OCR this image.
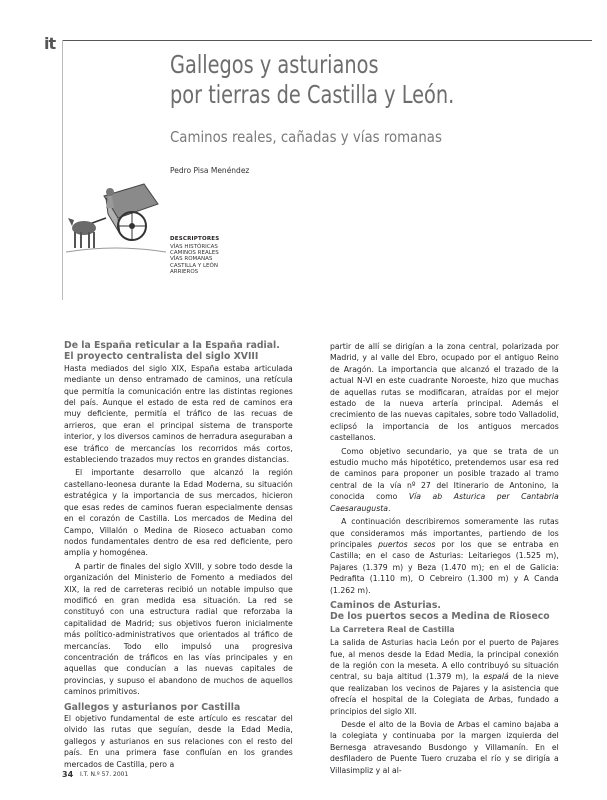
it
Gallegos y asturianos
por tierras de Castilla y León.
Caminos reales, cañadas y vías romanas
Pedro Pisa Menéndez
DESCRIPTORES
VÍAS HISTÓRICAS
CAMINOS REALES
VÍAS ROMANAS
CASTILLA Y LEÓN
ARRIEROS
De la España reticular a la España radial.
El proyecto centralista del siglo XVIII

Hasta mediados del siglo XIX, España estaba articulada mediante un denso entramado de caminos, una retícula que permitía la comunicación entre las distintas regiones del país. Aunque el estado de esta red de caminos era muy deficiente, permitía el tráfico de las recuas de arrieros, que eran el principal sistema de transporte interior, y los diversos caminos de herradura aseguraban a ese tráfico de mercancías los recorridos más cortos, estableciendo trazados muy rectos en grandes distancias.

El importante desarrollo que alcanzó la región castellano-leonesa durante la Edad Moderna, su situación estratégica y la importancia de sus mercados, hicieron que esas redes de caminos fueran especialmente densas en el corazón de Castilla. Los mercados de Medina del Campo, Villalón o Medina de Rioseco actuaban como nodos fundamentales dentro de esa red deficiente, pero amplia y homogénea.

A partir de finales del siglo XVIII, y sobre todo desde la organización del Ministerio de Fomento a mediados del XIX, la red de carreteras recibió un notable impulso que modificó en gran medida esa situación. La red se constituyó con una estructura radial que reforzaba la capitalidad de Madrid; sus objetivos fueron inicialmente más político-administrativos que orientados al tráfico de mercancías. Todo ello impulsó una progresiva concentración de tráficos en las vías principales y en aquellas que conducían a las nuevas capitales de provincias, y supuso el abandono de muchos de aquellos caminos primitivos.

Gallegos y asturianos por Castilla

El objetivo fundamental de este artículo es rescatar del olvido las rutas que seguían, desde la Edad Media, gallegos y asturianos en sus relaciones con el resto del país. En una primera fase confluían en los grandes mercados de Castilla, pero a

partir de allí se dirigían a la zona central, polarizada por Madrid, y al valle del Ebro, ocupado por el antiguo Reino de Aragón. La importancia que alcanzó el trazado de la actual N-VI en este cuadrante Noroeste, hizo que muchas de aquellas rutas se modificaran, atraídas por el mejor estado de la nueva artería principal. Además el crecimiento de las nuevas capitales, sobre todo Valladolid, eclipsó la importancia de los antiguos mercados castellanos.

Como objetivo secundario, ya que se trata de un estudio mucho más hipotético, pretendemos usar esa red de caminos para proponer un posible trazado al tramo central de la vía nº 27 del Itinerario de Antonino, la conocida como Vía ab Asturica per Cantabria Caesaraugusta.

A continuación describiremos someramente las rutas que consideramos más importantes, partiendo de los principales puertos secos por los que se entraba en Castilla; en el caso de Asturias: Leitariegos (1.525 m), Pajares (1.379 m) y Beza (1.470 m); en el de Galicia: Pedrafita (1.110 m), O Cebreiro (1.300 m) y A Canda (1.262 m).

Caminos de Asturias.
De los puertos secos a Medina de Rioseco
La Carretera Real de Castilla

La salida de Asturias hacia León por el puerto de Pajares fue, al menos desde la Edad Media, la principal conexión de la región con la meseta. A ello contribuyó su situación central, su baja altitud (1.379 m), la espalá de la nieve que realizaban los vecinos de Pajares y la asistencia que ofrecía el hospital de la Colegiata de Arbas, fundado a principios del siglo XII.

Desde el alto de la Bovia de Arbas el camino bajaba a la colegiata y continuaba por la margen izquierda del Bernesga atravesando Busdongo y Villamanín. En el desfiladero de Puente Tuero cruzaba el río y se dirigía a Villasimpliz y al al-

34 I.T. N.º 57. 2001
